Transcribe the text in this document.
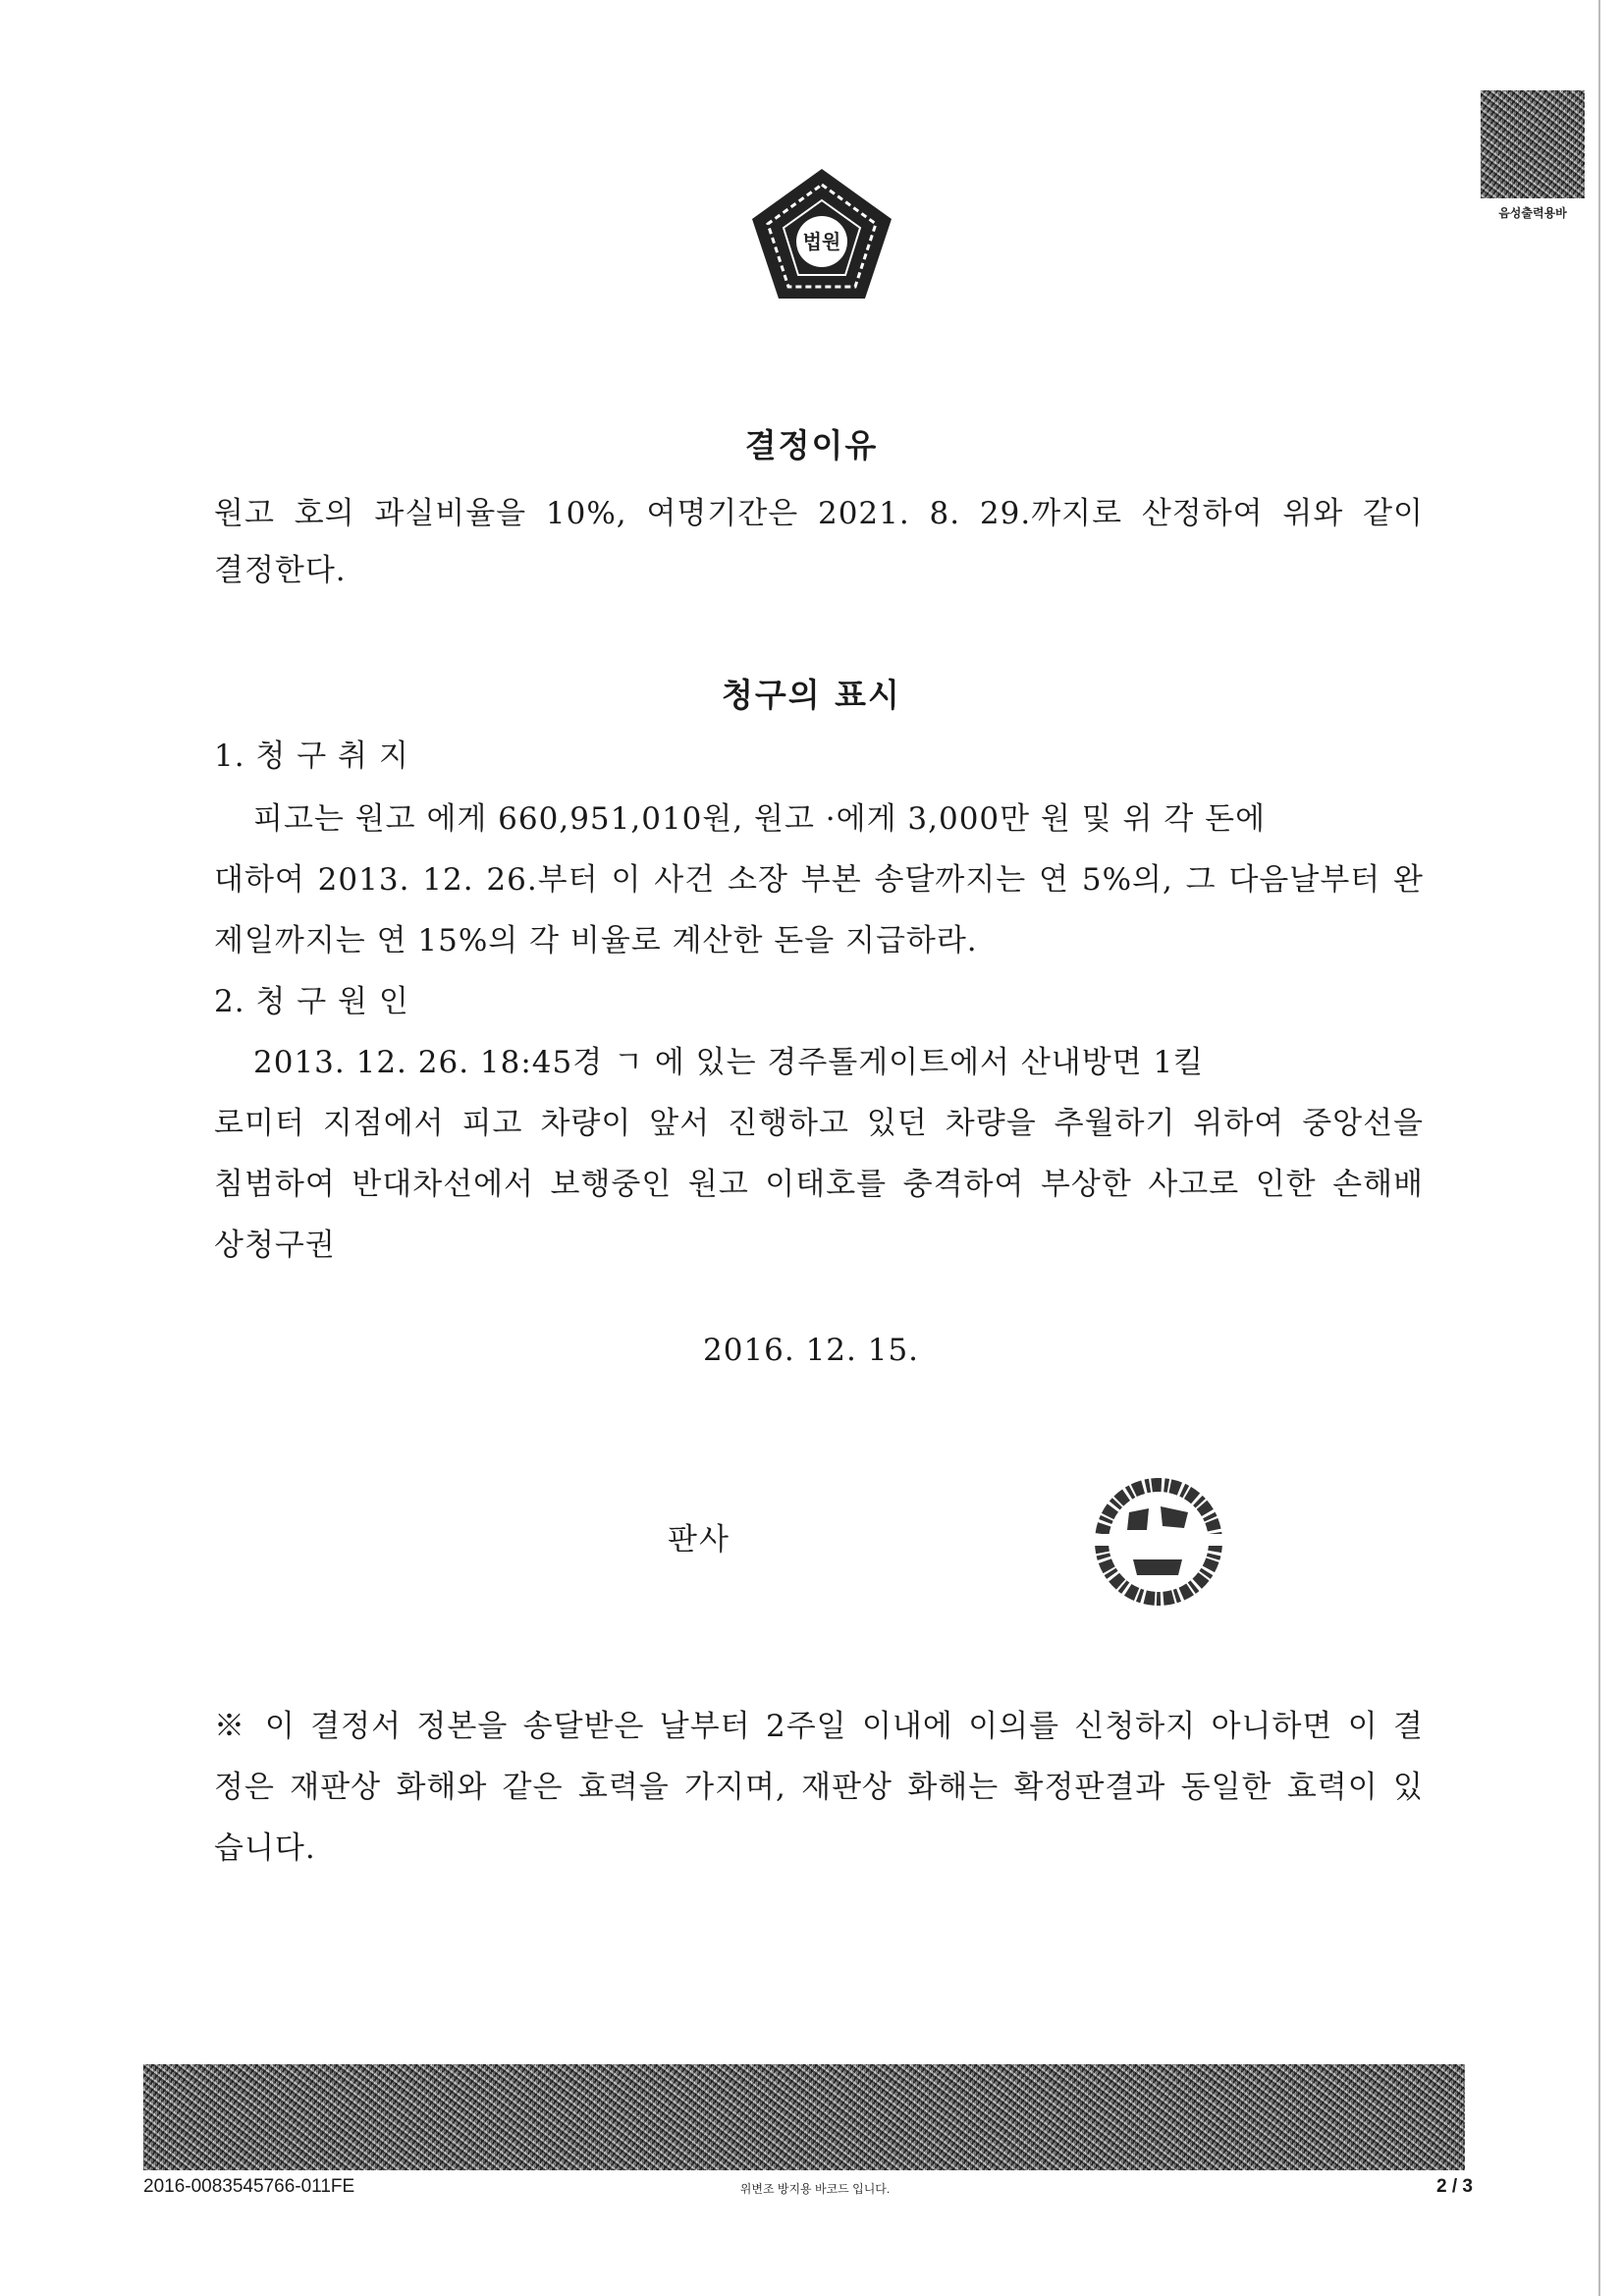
법원
음성출력용바
결정이유
원고 호의 과실비율을 10%, 여명기간은 2021. 8. 29.까지로 산정하여 위와 같이
결정한다.
청구의 표시
1. 청 구 취 지
피고는 원고 에게 660,951,010원, 원고 ·에게 3,000만 원 및 위 각 돈에
대하여 2013. 12. 26.부터 이 사건 소장 부본 송달까지는 연 5%의, 그 다음날부터 완
제일까지는 연 15%의 각 비율로 계산한 돈을 지급하라.
2. 청 구 원 인
2013. 12. 26. 18:45경 ㄱ 에 있는 경주톨게이트에서 산내방면 1킬
로미터 지점에서 피고 차량이 앞서 진행하고 있던 차량을 추월하기 위하여 중앙선을
침범하여 반대차선에서 보행중인 원고 이태호를 충격하여 부상한 사고로 인한 손해배
상청구권
2016. 12. 15.
판사
※ 이 결정서 정본을 송달받은 날부터 2주일 이내에 이의를 신청하지 아니하면 이 결
정은 재판상 화해와 같은 효력을 가지며, 재판상 화해는 확정판결과 동일한 효력이 있
습니다.
2016-0083545766-011FE	위변조 방지용 바코드 입니다.	2 / 3
